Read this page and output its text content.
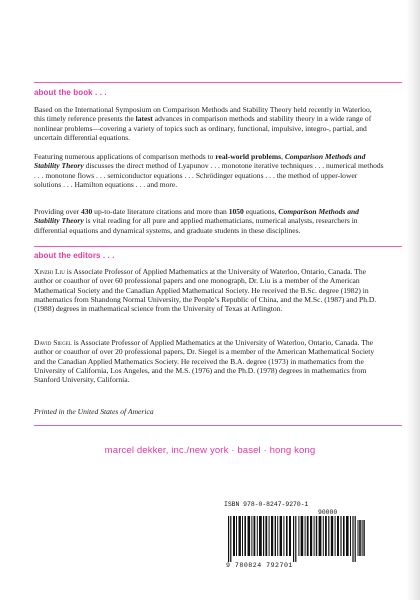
about the book . . .
Based on the International Symposium on Comparison Methods and Stability Theory held recently in Waterloo, this timely reference presents the latest advances in comparison methods and stability theory in a wide range of nonlinear problems—covering a variety of topics such as ordinary, functional, impulsive, integro-, partial, and uncertain differential equations.
Featuring numerous applications of comparison methods to real-world problems, Comparison Methods and Stability Theory discusses the direct method of Lyapunov . . . monotone iterative techniques . . . numerical methods . . . monotone flows . . . semiconductor equations . . . Schrödinger equations . . . the method of upper-lower solutions . . . Hamilton equations . . . and more.
Providing over 430 up-to-date literature citations and more than 1050 equations, Comparison Methods and Stability Theory is vital reading for all pure and applied mathematicians, numerical analysts, researchers in differential equations and dynamical systems, and graduate students in these disciplines.
about the editors . . .
Xinzhi Liu is Associate Professor of Applied Mathematics at the University of Waterloo, Ontario, Canada. The author or coauthor of over 60 professional papers and one monograph, Dr. Liu is a member of the American Mathematical Society and the Canadian Applied Mathematical Society. He received the B.Sc. degree (1982) in mathematics from Shandong Normal University, the People’s Republic of China, and the M.Sc. (1987) and Ph.D. (1988) degrees in mathematical science from the University of Texas at Arlington.
David Siegel is Associate Professor of Applied Mathematics at the University of Waterloo, Ontario, Canada. The author or coauthor of over 20 professional papers, Dr. Siegel is a member of the American Mathematical Society and the Canadian Applied Mathematics Society. He received the B.A. degree (1973) in mathematics from the University of California, Los Angeles, and the M.S. (1976) and the Ph.D. (1978) degrees in mathematics from Stanford University, California.
Printed in the United States of America
marcel dekker, inc./new york · basel · hong kong
ISBN 978-0-8247-9270-1
90000
9 780824 792701
